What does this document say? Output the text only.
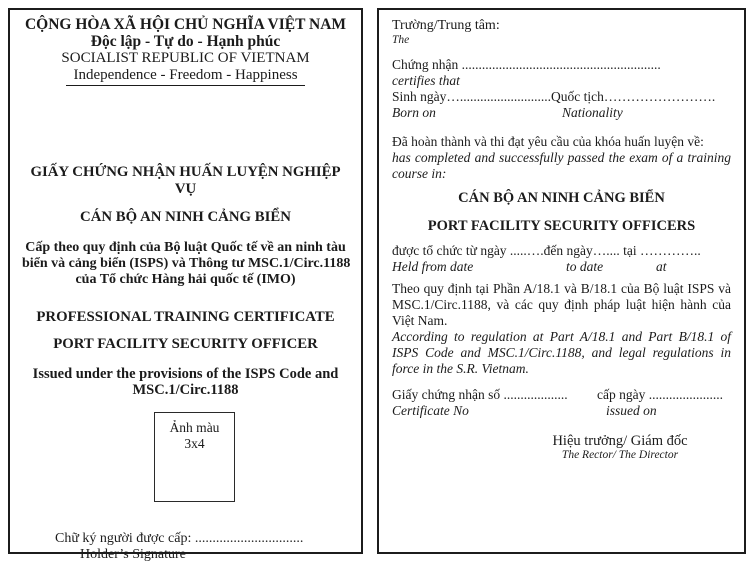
CỘNG HÒA XÃ HỘI CHỦ NGHĨA VIỆT NAM
Độc lập - Tự do - Hạnh phúc
SOCIALIST REPUBLIC OF VIETNAM
Independence - Freedom - Happiness
GIẤY CHỨNG NHẬN HUẤN LUYỆN NGHIỆP VỤ
CÁN BỘ AN NINH CẢNG BIỂN
Cấp theo quy định của Bộ luật Quốc tế về an ninh tàu
biển và cảng biển (ISPS) và Thông tư MSC.1/Circ.1188
của Tổ chức Hàng hải quốc tế (IMO)
PROFESSIONAL TRAINING CERTIFICATE
PORT FACILITY SECURITY OFFICER
Issued under the provisions of the ISPS Code and
MSC.1/Circ.1188
Ảnh màu
3x4
Chữ ký người được cấp: ...............................
Holder’s Signature
Trường/Trung tâm:
The
Chứng nhận ...........................................................
certifies that
Sinh ngày…...........................Quốc tịch…………………….
Born on	Nationality
Đã hoàn thành và thi đạt yêu cầu của khóa huấn luyện về:
has completed and successfully passed the exam of a training
course in:
CÁN BỘ AN NINH CẢNG BIỂN
PORT FACILITY SECURITY OFFICERS
được tổ chức từ ngày .....….đến ngày….... tại …………..
Held from date	to date	at
Theo quy định tại Phần A/18.1 và B/18.1 của Bộ luật ISPS và
MSC.1/Circ.1188, và các quy định pháp luật hiện hành của
Việt Nam.
According to regulation at Part A/18.1 and Part B/18.1 of
ISPS Code and MSC.1/Circ.1188, and legal regulations in
force in the S.R. Vietnam.
Giấy chứng nhận số ................... cấp ngày ......................
Certificate No	issued on
Hiệu trưởng/ Giám đốc
The Rector/ The Director
